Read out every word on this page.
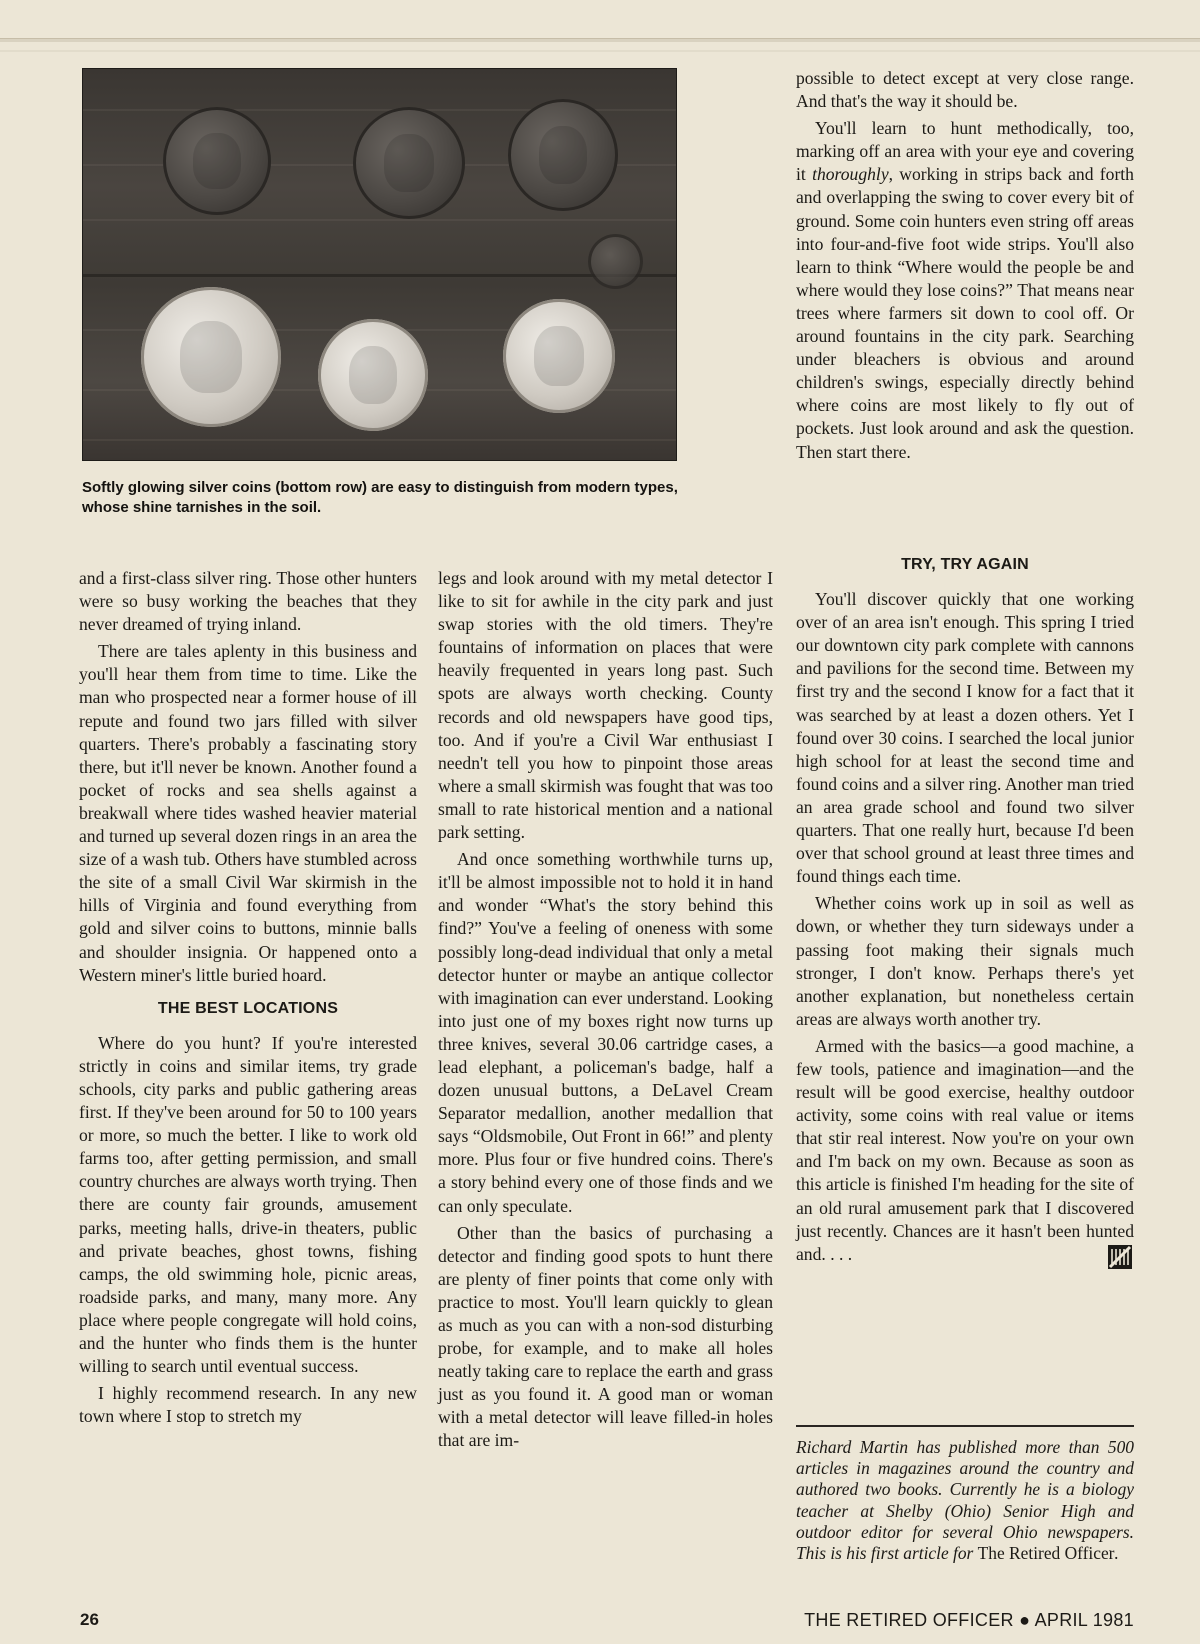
Softly glowing silver coins (bottom row) are easy to distinguish from modern types, whose shine tarnishes in the soil.

possible to detect except at very close range. And that's the way it should be.

You'll learn to hunt methodically, too, marking off an area with your eye and covering it thoroughly, working in strips back and forth and overlapping the swing to cover every bit of ground. Some coin hunters even string off areas into four-and-five foot wide strips. You'll also learn to think “Where would the people be and where would they lose coins?” That means near trees where farmers sit down to cool off. Or around fountains in the city park. Searching under bleachers is obvious and around children's swings, especially directly behind where coins are most likely to fly out of pockets. Just look around and ask the question. Then start there.

and a first-class silver ring. Those other hunters were so busy working the beaches that they never dreamed of trying inland.

There are tales aplenty in this business and you'll hear them from time to time. Like the man who prospected near a former house of ill repute and found two jars filled with silver quarters. There's probably a fascinating story there, but it'll never be known. Another found a pocket of rocks and sea shells against a breakwall where tides washed heavier material and turned up several dozen rings in an area the size of a wash tub. Others have stumbled across the site of a small Civil War skirmish in the hills of Virginia and found everything from gold and silver coins to buttons, minnie balls and shoulder insignia. Or happened onto a Western miner's little buried hoard.

THE BEST LOCATIONS

Where do you hunt? If you're interested strictly in coins and similar items, try grade schools, city parks and public gathering areas first. If they've been around for 50 to 100 years or more, so much the better. I like to work old farms too, after getting permission, and small country churches are always worth trying. Then there are county fair grounds, amusement parks, meeting halls, drive-in theaters, public and private beaches, ghost towns, fishing camps, the old swimming hole, picnic areas, roadside parks, and many, many more. Any place where people congregate will hold coins, and the hunter who finds them is the hunter willing to search until eventual success.

I highly recommend research. In any new town where I stop to stretch my

legs and look around with my metal detector I like to sit for awhile in the city park and just swap stories with the old timers. They're fountains of information on places that were heavily frequented in years long past. Such spots are always worth checking. County records and old newspapers have good tips, too. And if you're a Civil War enthusiast I needn't tell you how to pinpoint those areas where a small skirmish was fought that was too small to rate historical mention and a national park setting.

And once something worthwhile turns up, it'll be almost impossible not to hold it in hand and wonder “What's the story behind this find?” You've a feeling of oneness with some possibly long-dead individual that only a metal detector hunter or maybe an antique collector with imagination can ever understand. Looking into just one of my boxes right now turns up three knives, several 30.06 cartridge cases, a lead elephant, a policeman's badge, half a dozen unusual buttons, a DeLavel Cream Separator medallion, another medallion that says “Oldsmobile, Out Front in 66!” and plenty more. Plus four or five hundred coins. There's a story behind every one of those finds and we can only speculate.

Other than the basics of purchasing a detector and finding good spots to hunt there are plenty of finer points that come only with practice to most. You'll learn quickly to glean as much as you can with a non-sod disturbing probe, for example, and to make all holes neatly taking care to replace the earth and grass just as you found it. A good man or woman with a metal detector will leave filled-in holes that are im-

TRY, TRY AGAIN

You'll discover quickly that one working over of an area isn't enough. This spring I tried our downtown city park complete with cannons and pavilions for the second time. Between my first try and the second I know for a fact that it was searched by at least a dozen others. Yet I found over 30 coins. I searched the local junior high school for at least the second time and found coins and a silver ring. Another man tried an area grade school and found two silver quarters. That one really hurt, because I'd been over that school ground at least three times and found things each time.

Whether coins work up in soil as well as down, or whether they turn sideways under a passing foot making their signals much stronger, I don't know. Perhaps there's yet another explanation, but nonetheless certain areas are always worth another try.

Armed with the basics—a good machine, a few tools, patience and imagination—and the result will be good exercise, healthy outdoor activity, some coins with real value or items that stir real interest. Now you're on your own and I'm back on my own. Because as soon as this article is finished I'm heading for the site of an old rural amusement park that I discovered just recently. Chances are it hasn't been hunted and. . . .

Richard Martin has published more than 500 articles in magazines around the country and authored two books. Currently he is a biology teacher at Shelby (Ohio) Senior High and outdoor editor for several Ohio newspapers. This is his first article for The Retired Officer.
26	THE RETIRED OFFICER ● APRIL 1981
